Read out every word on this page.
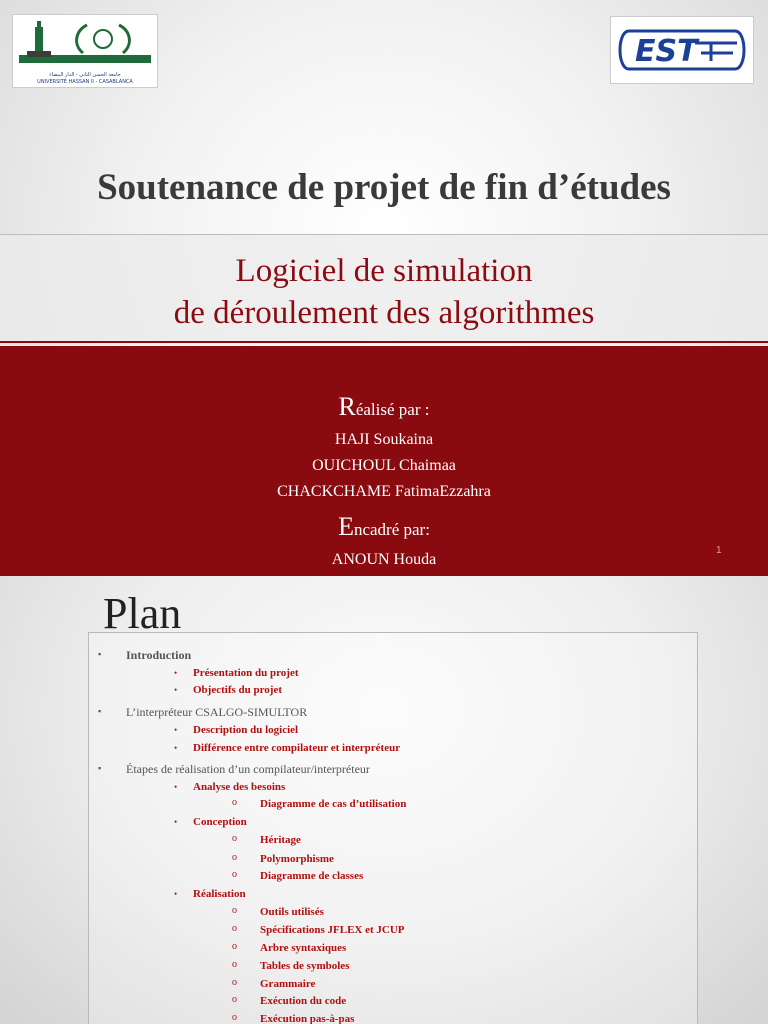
جامعة الحسن الثاني - الدار البيضاء
UNIVERSITÉ HASSAN II - CASABLANCA
EST
Soutenance de projet de fin d’études
Logiciel de simulation
de déroulement des algorithmes
Réalisé par :
HAJI Soukaina
OUICHOUL Chaimaa
CHACKCHAME FatimaEzzahra
Encadré par:
ANOUN Houda
1
Plan
▪ Introduction
• Présentation du projet
• Objectifs du projet
▪ L’interpréteur CSALGO-SIMULTOR
• Description du logiciel
• Différence entre compilateur et interpréteur
▪ Étapes de réalisation d’un compilateur/interpréteur
• Analyse des besoins
o Diagramme de cas d’utilisation
• Conception
o Héritage
o Polymorphisme
o Diagramme de classes
• Réalisation
o Outils utilisés
o Spécifications JFLEX et JCUP
o Arbre syntaxiques
o Tables de symboles
o Grammaire
o Exécution du code
o Exécution pas-à-pas
